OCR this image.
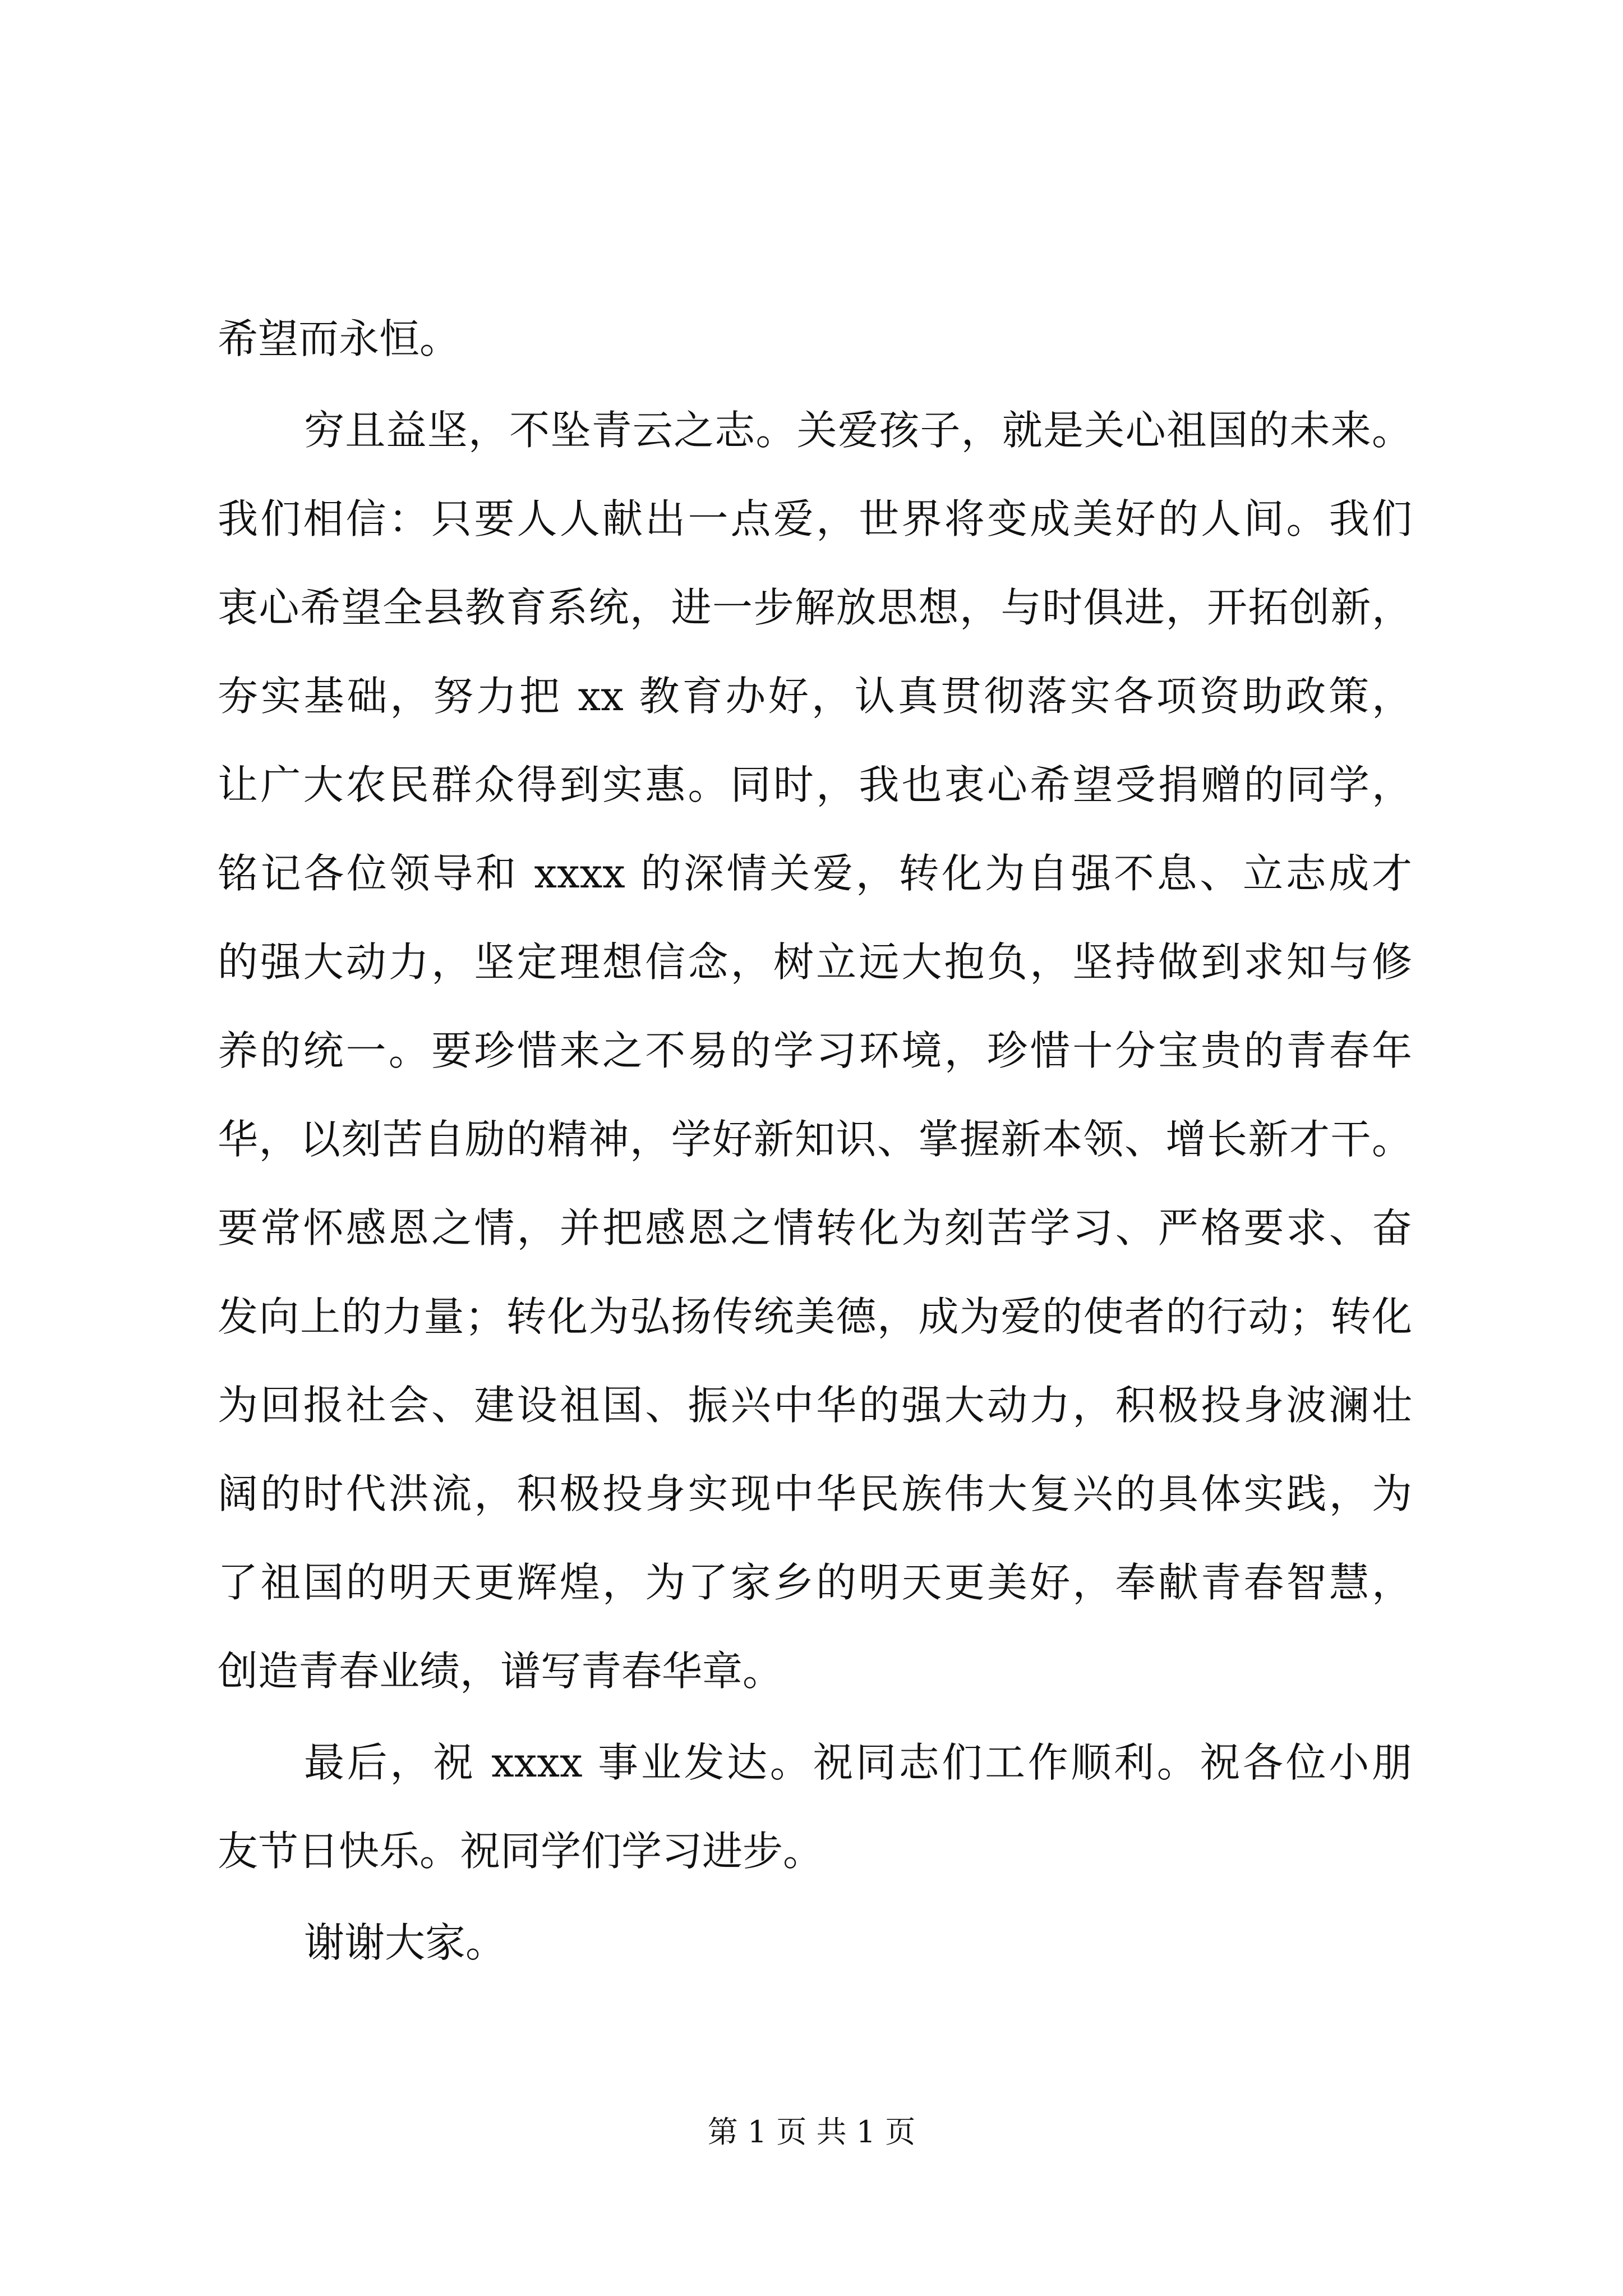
希望而永恒。
穷且益坚，不坠青云之志。关爱孩子，就是关心祖国的未来。
我们相信：只要人人献出一点爱，世界将变成美好的人间。我们
衷心希望全县教育系统，进一步解放思想，与时俱进，开拓创新，
夯实基础，努力把 xx 教育办好，认真贯彻落实各项资助政策，
让广大农民群众得到实惠。同时，我也衷心希望受捐赠的同学，
铭记各位领导和 xxxx 的深情关爱，转化为自强不息、立志成才
的强大动力，坚定理想信念，树立远大抱负，坚持做到求知与修
养的统一。要珍惜来之不易的学习环境，珍惜十分宝贵的青春年
华，以刻苦自励的精神，学好新知识、掌握新本领、增长新才干。
要常怀感恩之情，并把感恩之情转化为刻苦学习、严格要求、奋
发向上的力量；转化为弘扬传统美德，成为爱的使者的行动；转化
为回报社会、建设祖国、振兴中华的强大动力，积极投身波澜壮
阔的时代洪流，积极投身实现中华民族伟大复兴的具体实践，为
了祖国的明天更辉煌，为了家乡的明天更美好，奉献青春智慧，
创造青春业绩，谱写青春华章。
最后，祝 xxxx 事业发达。祝同志们工作顺利。祝各位小朋
友节日快乐。祝同学们学习进步。
谢谢大家。
第 1 页 共 1 页
